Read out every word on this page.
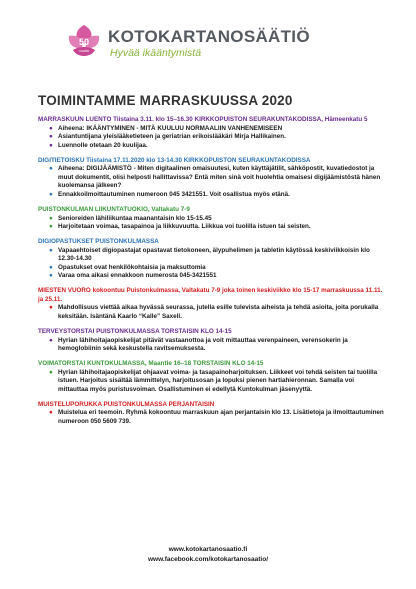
50
vuotta
KOTOKARTANOSÄÄTIÖ
Hyvää ikääntymistä
TOIMINTAMME MARRASKUUSSA 2020
MARRASKUUN LUENTO Tiistaina 3.11. klo 15–16.30 KIRKKOPUISTON SEURAKUNTAKODISSA, Hämeenkatu 5
● Aiheena: IKÄÄNTYMINEN - MITÄ KUULUU NORMAALIIN VANHENEMISEEN
● Asiantuntijana yleislääketieteen ja geriatrian erikoislääkäri Mirja Hallikainen.
● Luennolle otetaan 20 kuulijaa.
DIGITIETOISKU Tiistaina 17.11.2020 klo 13-14.30 KIRKKOPUISTON SEURAKUNTAKODISSA
● Aiheena: DIGIJÄÄMISTÖ - Miten digitaalinen omaisuutesi, kuten käyttäjätilit, sähköpostit, kuvatiedostot ja muut dokumentit, olisi helposti hallittavissa? Entä miten sinä voit huolehtia omaisesi digijäämistöstä hänen kuolemansa jälkeen?
● Ennakkoilmoittautuminen numeroon 045 3421551. Voit osallistua myös etänä.
PUISTONKULMAN LIIKUNTATUOKIO, Valtakatu 7-9
● Senioreiden lähiliikuntaa maanantaisin klo 15-15.45
● Harjoitetaan voimaa, tasapainoa ja liikkuvuutta. Liikkua voi tuolilla istuen tai seisten.
DIGIOPASTUKSET PUISTONKULMASSA
● Vapaaehtoiset digiopastajat opastavat tietokoneen, älypuhelimen ja tabletin käytössä keskiviikkoisin klo 12.30-14.30
● Opastukset ovat henkilökohtaisia ja maksuttomia
● Varaa oma aikasi ennakkoon numerosta 045-3421551
MIESTEN VUORO kokoontuu Puistonkulmassa, Valtakatu 7-9 joka toinen keskiviikko klo 15-17 marraskuussa 11.11. ja 25.11.
● Mahdollisuus viettää aikaa hyvässä seurassa, jutella esille tulevista aiheista ja tehdä asioita, joita porukalla keksitään. Isäntänä Kaarlo “Kalle” Saxell.
TERVEYSTORSTAI PUISTONKULMASSA TORSTAISIN KLO 14-15
● Hyrian lähihoitajaopiskelijat pitävät vastaanottoa ja voit mittauttaa verenpaineen, verensokerin ja hemoglobiinin sekä keskustella ravitsemuksesta.
VOIMATORSTAI KUNTOKULMASSA, Maantie 16–18 TORSTAISIN KLO 14-15
● Hyrian lähihoitajaopiskelijat ohjaavat voima- ja tasapainoharjoituksen. Liikkeet voi tehdä seisten tai tuolilla istuen. Harjoitus sisältää lämmittelyn, harjoitusosan ja lopuksi pienen hartiahieronnan. Samalla voi mittauttaa myös puristusvoiman. Osallistuminen ei edellytä Kuntokulman jäsenyyttä.
MUISTELUPORUKKA PUISTONKULMASSA PERJANTAISIN
● Muistelua eri teemoin. Ryhmä kokoontuu marraskuun ajan perjantaisin klo 13. Lisätietoja ja ilmoittautuminen numeroon 050 5609 739.
www.kotokartanosaatio.fi
www.facebook.com/kotokartanosaatio/
